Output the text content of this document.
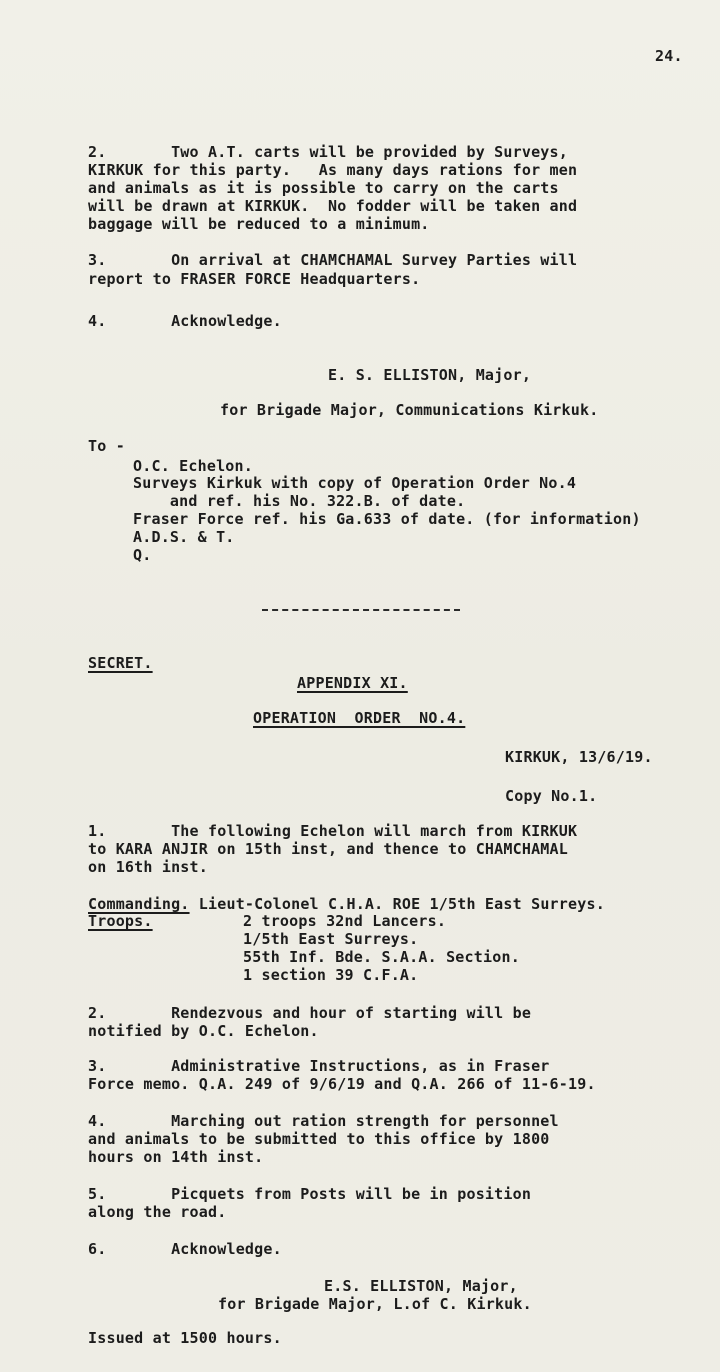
24.
2.       Two A.T. carts will be provided by Surveys,
KIRKUK for this party.   As many days rations for men
and animals as it is possible to carry on the carts
will be drawn at KIRKUK.  No fodder will be taken and
baggage will be reduced to a minimum.
3.       On arrival at CHAMCHAMAL Survey Parties will
report to FRASER FORCE Headquarters.
4.       Acknowledge.
E. S. ELLISTON, Major,
for Brigade Major, Communications Kirkuk.
To -
O.C. Echelon.
Surveys Kirkuk with copy of Operation Order No.4
and ref. his No. 322.B. of date.
Fraser Force ref. his Ga.633 of date. (for information)
A.D.S. & T.
Q.
SECRET.
APPENDIX XI.
OPERATION  ORDER  NO.4.
KIRKUK, 13/6/19.
Copy No.1.
1.       The following Echelon will march from KIRKUK
to KARA ANJIR on 15th inst, and thence to CHAMCHAMAL
on 16th inst.
Commanding. Lieut-Colonel C.H.A. ROE 1/5th East Surreys.
Troops.	2 troops 32nd Lancers.
1/5th East Surreys.
55th Inf. Bde. S.A.A. Section.
1 section 39 C.F.A.
2.       Rendezvous and hour of starting will be
notified by O.C. Echelon.
3.       Administrative Instructions, as in Fraser
Force memo. Q.A. 249 of 9/6/19 and Q.A. 266 of 11-6-19.
4.       Marching out ration strength for personnel
and animals to be submitted to this office by 1800
hours on 14th inst.
5.       Picquets from Posts will be in position
along the road.
6.       Acknowledge.
E.S. ELLISTON, Major,
for Brigade Major, L.of C. Kirkuk.
Issued at 1500 hours.
